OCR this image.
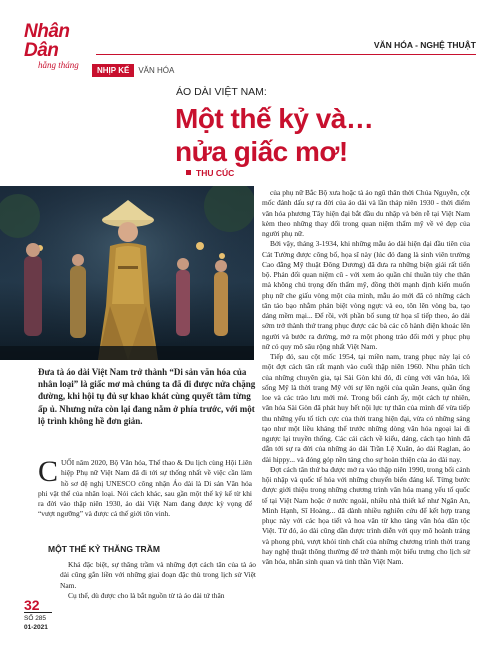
Nhân Dân
hằng tháng
VĂN HÓA - NGHỆ THUẬT
NHỊP KẾ VĂN HÓA
ÁO DÀI VIỆT NAM:
Một thế kỷ và…
nửa giấc mơ!
THU CÚC
Đưa tà áo dài Việt Nam trở thành “Di sản văn hóa của nhân loại” là giấc mơ mà chúng ta đã đi được nửa chặng đường, khi hội tụ đủ sự khao khát cùng quyết tâm từng ấp ủ. Nhưng nửa còn lại đang nằm ở phía trước, với một lộ trình không hề đơn giản.
C UỐI năm 2020, Bộ Văn hóa, Thể thao & Du lịch cùng Hội Liên hiệp Phụ nữ Việt Nam đã đi tới sự thống nhất về việc cần làm hồ sơ đệ nghị UNESCO công nhận Áo dài là Di sản Văn hóa phi vật thể của nhân loại. Nói cách khác, sau gần một thế kỷ kể từ khi ra đời vào thập niên 1930, áo dài Việt Nam đang được kỳ vọng để “vượt ngưỡng” và được cả thế giới tôn vinh.

MỘT THẾ KỶ THĂNG TRẦM

Khá đặc biệt, sự thăng trầm và những đợt cách tân của tà áo dài cũng gắn liền với những giai đoạn đặc thù trong lịch sử Việt Nam.

Cụ thể, dù được cho là bắt nguồn từ tà áo dài tứ thân

của phụ nữ Bắc Bộ xưa hoặc tà áo ngũ thân thời Chúa Nguyễn, cột mốc đánh dấu sự ra đời của áo dài và lần tháp niên 1930 - thời điểm văn hóa phương Tây hiện đại bắt đầu du nhập và bén rễ tại Việt Nam kèm theo những thay đổi trong quan niệm thẩm mỹ về vẻ đẹp của người phụ nữ.

Bởi vậy, tháng 3-1934, khi những mẫu áo dài hiện đại đầu tiên của Cát Tường được công bố, họa sĩ này (lúc đó đang là sinh viên trường Cao đẳng Mỹ thuật Đông Dương) đã đưa ra những biện giải rất tiến bộ. Phản đối quan niệm cũ - với xem áo quần chỉ thuần túy che thân mà không chú trọng đến thẩm mỹ, đồng thời mạnh định kiến muốn phụ nữ che giấu vòng một của mình, mẫu áo mới đã có những cách tân táo bạo nhằm phản biệt vòng ngực và eo, tôn lên vòng ba, tạo dáng mềm mại... Để rồi, với phần bổ sung từ họa sĩ tiếp theo, áo dài sớm trở thành thứ trang phục được các bà các cô hành điện khoác lên người và bước ra đường, mở ra một phong trào đổi mới y phục phụ nữ có quy mô sâu rộng nhất Việt Nam.

Tiếp đó, sau cột mốc 1954, tại miền nam, trang phục này lại có một đợt cách tân rất mạnh vào cuối thập niên 1960. Nhu phân tích của những chuyên gia, tại Sài Gòn khi đó, đi cùng với văn hóa, lối sống Mỹ là thời trang Mỹ với sự lên ngôi của quần Jeans, quần ống loe và các trào lưu mới mẻ. Trong bối cảnh ấy, một cách tự nhiên, văn hóa Sài Gòn đã phát huy hết nội lực tự thân của mình để vừa tiếp thu những yếu tố tích cực của thời trang hiện đại, vừa có những sáng tạo như một liều kháng thể trước những dòng văn hóa ngoại lai đi ngược lại truyền thống. Các cải cách về kiểu, dáng, cách tạo hình đã dẫn tới sự ra đời của những áo dài Trần Lệ Xuân, áo dài Raglan, áo dài hippy... và đóng góp nền tảng cho sự hoàn thiện của áo dài nay.

Đợt cách tân thứ ba được mở ra vào thập niên 1990, trong bối cảnh hội nhập và quốc tế hóa với những chuyển biến đáng kể. Từng bước được giới thiệu trong những chương trình văn hóa mang yếu tố quốc tế tại Việt Nam hoặc ở nước ngoài, nhiều nhà thiết kế như Ngân An, Minh Hạnh, Sĩ Hoàng... đã dành nhiều nghiên cứu để kết hợp trang phục này với các họa tiết và hoa văn từ kho tàng văn hóa dân tộc Việt. Từ đó, áo dài cũng dần được trình diễn với quy mô hoành tráng và phong phú, vượt khỏi tính chất của những chương trình thời trang hay nghệ thuật thông thường để trở thành một biểu trưng cho lịch sử văn hóa, nhân sinh quan và tinh thần Việt Nam.

32
SỐ 285
01-2021
